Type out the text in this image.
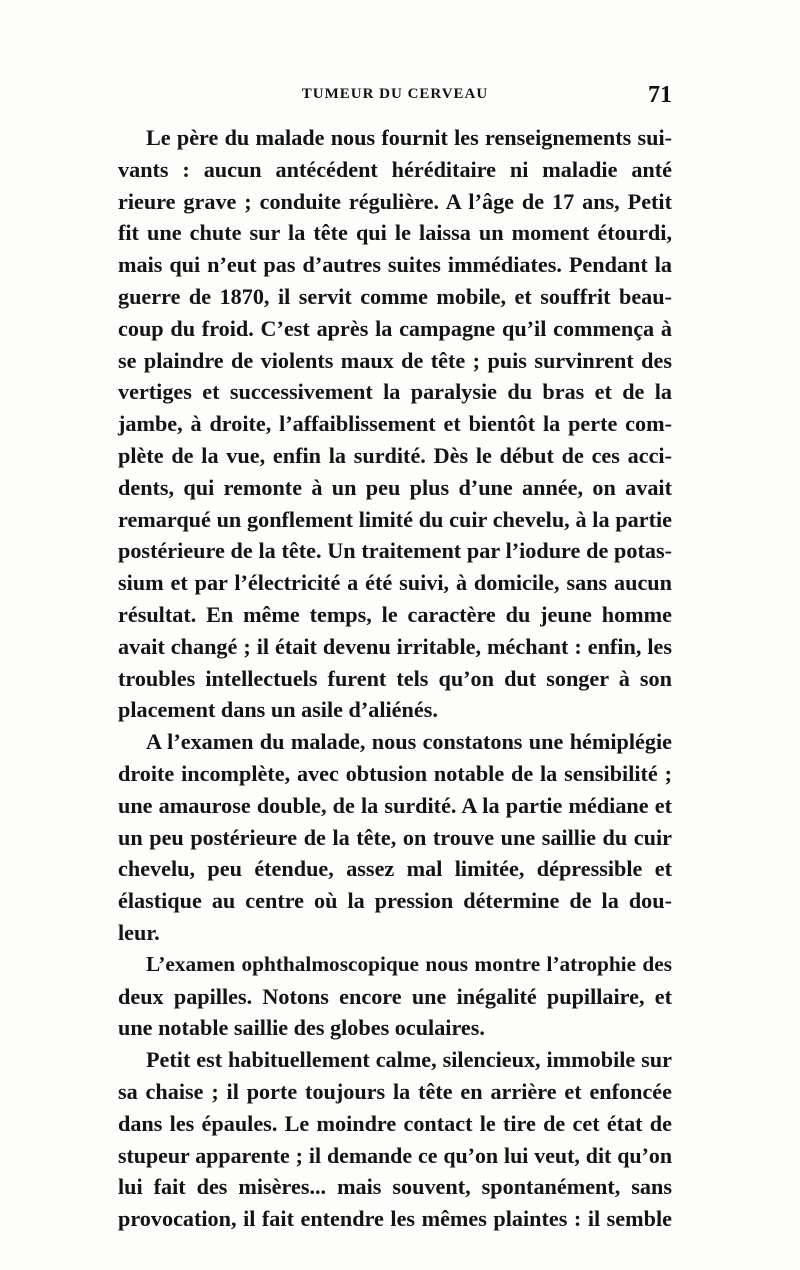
TUMEUR DU CERVEAU	71
Le père du malade nous fournit les renseignements sui-
vants : aucun antécédent héréditaire ni maladie anté
rieure grave ; conduite régulière. A l’âge de 17 ans, Petit
fit une chute sur la tête qui le laissa un moment étourdi,
mais qui n’eut pas d’autres suites immédiates. Pendant la
guerre de 1870, il servit comme mobile, et souffrit beau-
coup du froid. C’est après la campagne qu’il commença à
se plaindre de violents maux de tête ; puis survinrent des
vertiges et successivement la paralysie du bras et de la
jambe, à droite, l’affaiblissement et bientôt la perte com-
plète de la vue, enfin la surdité. Dès le début de ces acci-
dents, qui remonte à un peu plus d’une année, on avait
remarqué un gonflement limité du cuir chevelu, à la partie
postérieure de la tête. Un traitement par l’iodure de potas-
sium et par l’électricité a été suivi, à domicile, sans aucun
résultat. En même temps, le caractère du jeune homme
avait changé ; il était devenu irritable, méchant : enfin, les
troubles intellectuels furent tels qu’on dut songer à son
placement dans un asile d’aliénés.
A l’examen du malade, nous constatons une hémiplégie
droite incomplète, avec obtusion notable de la sensibilité ;
une amaurose double, de la surdité. A la partie médiane et
un peu postérieure de la tête, on trouve une saillie du cuir
chevelu, peu étendue, assez mal limitée, dépressible et
élastique au centre où la pression détermine de la dou-
leur.
L’examen ophthalmoscopique nous montre l’atrophie des
deux papilles. Notons encore une inégalité pupillaire, et
une notable saillie des globes oculaires.
Petit est habituellement calme, silencieux, immobile sur
sa chaise ; il porte toujours la tête en arrière et enfoncée
dans les épaules. Le moindre contact le tire de cet état de
stupeur apparente ; il demande ce qu’on lui veut, dit qu’on
lui fait des misères... mais souvent, spontanément, sans
provocation, il fait entendre les mêmes plaintes : il semble
